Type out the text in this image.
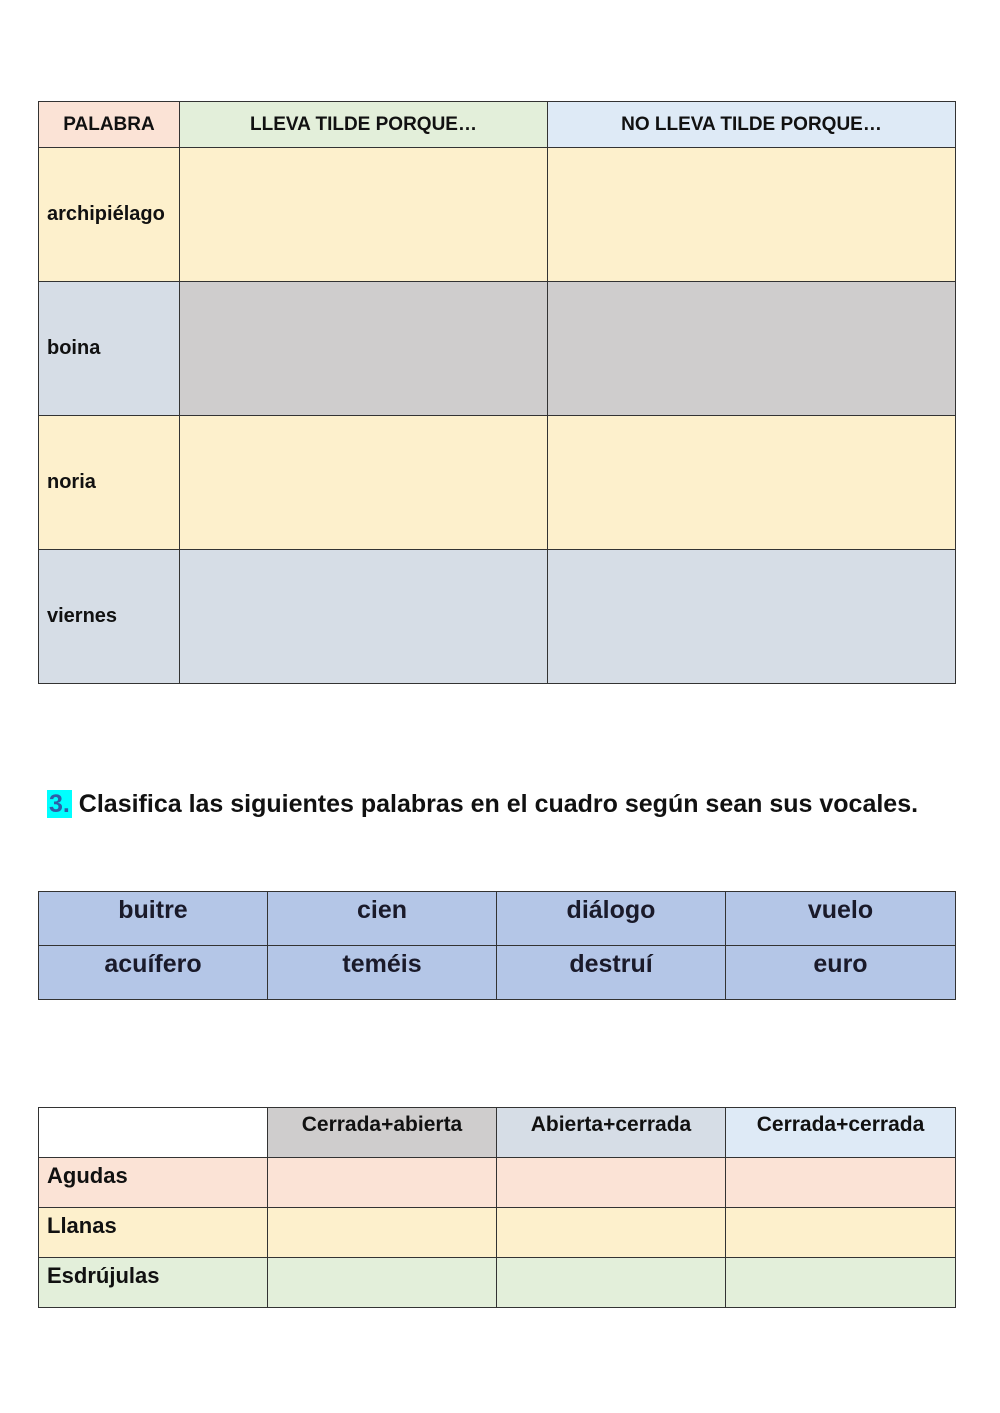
PALABRA	LLEVA TILDE PORQUE…	NO LLEVA TILDE PORQUE…
archipiélago		
boina		
noria		
viernes		

3. Clasifica las siguientes palabras en el cuadro según sean sus vocales.

buitre	cien	diálogo	vuelo
acuífero	teméis	destruí	euro
	Cerrada+abierta	Abierta+cerrada	Cerrada+cerrada
Agudas			
Llanas			
Esdrújulas			
